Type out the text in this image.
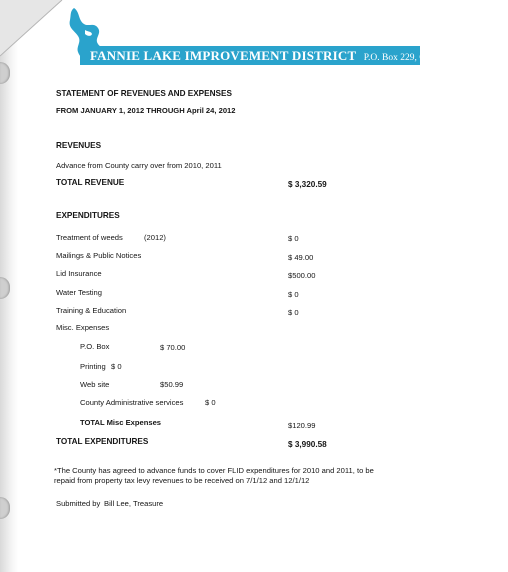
FANNIE LAKE IMPROVEMENT DISTRICT P.O. Box 229, Cambridge, MN 55008
STATEMENT OF REVENUES AND EXPENSES
FROM JANUARY 1, 2012 THROUGH April 24, 2012
REVENUES
Advance from County carry over from 2010, 2011
TOTAL REVENUE	$ 3,320.59
EXPENDITURES
Treatment of weeds	(2012)	$ 0
Mailings & Public Notices	$ 49.00
Lid Insurance	$500.00
Water Testing	$ 0
Training & Education	$ 0
Misc. Expenses
P.O. Box	$ 70.00
Printing $ 0
Web site	$50.99
County Administrative services	$ 0
TOTAL Misc Expenses	$120.99
TOTAL EXPENDITURES	$ 3,990.58
*The County has agreed to advance funds to cover FLID expenditures for 2010 and 2011, to be repaid from property tax levy revenues to be received on 7/1/12 and 12/1/12
Submitted by Bill Lee, Treasure
